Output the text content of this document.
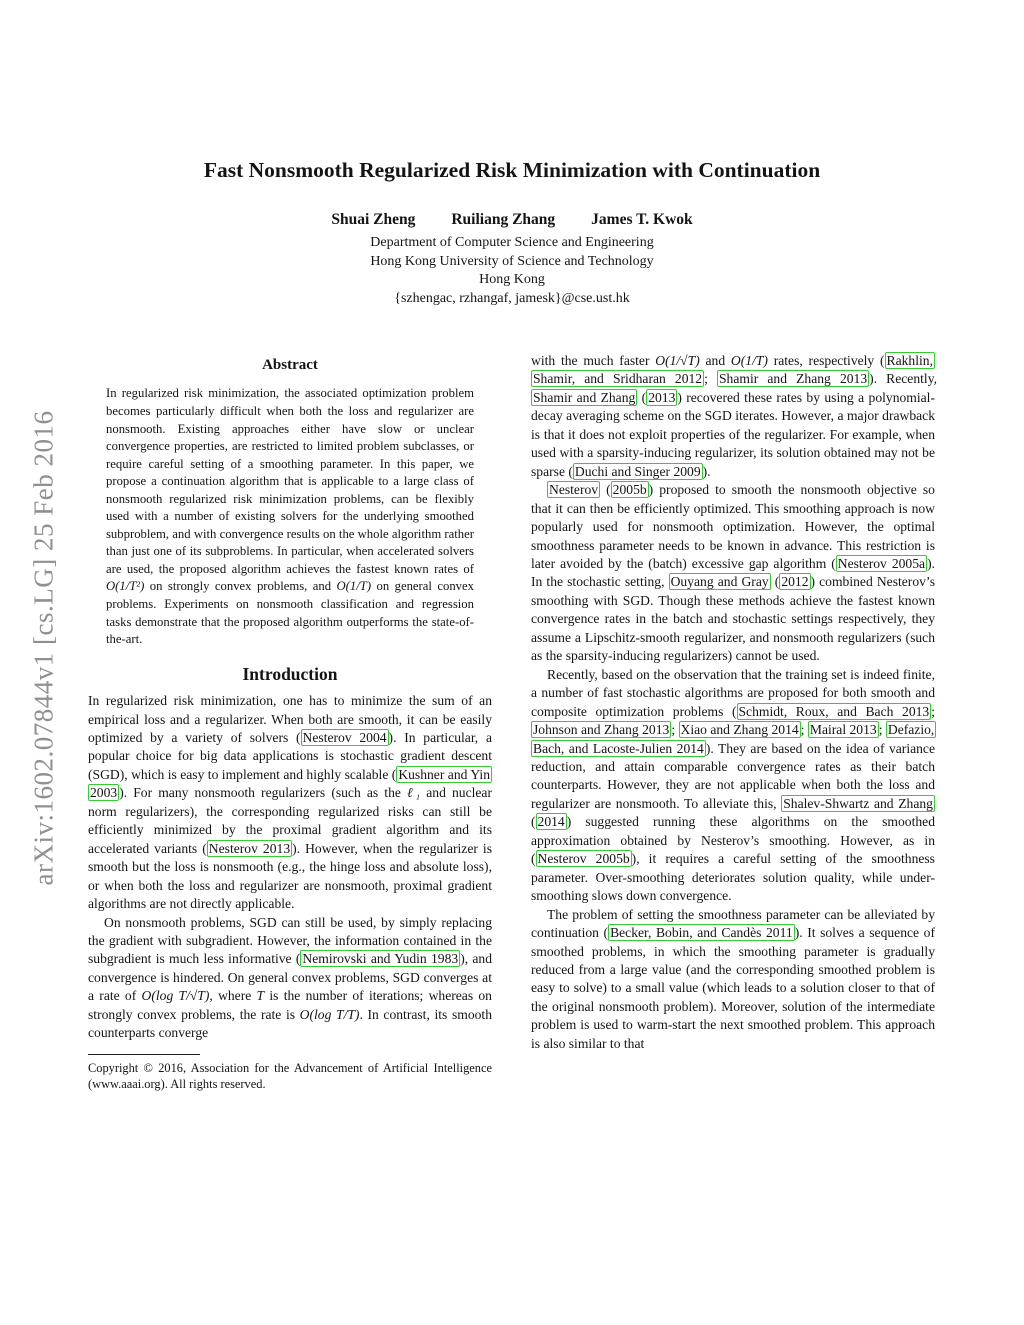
arXiv:1602.07844v1 [cs.LG] 25 Feb 2016
Fast Nonsmooth Regularized Risk Minimization with Continuation
Shuai Zheng Ruiliang Zhang James T. Kwok
Department of Computer Science and Engineering
Hong Kong University of Science and Technology
Hong Kong
{szhengac, rzhangaf, jamesk}@cse.ust.hk
Abstract

In regularized risk minimization, the associated optimization problem becomes particularly difficult when both the loss and regularizer are nonsmooth. Existing approaches either have slow or unclear convergence properties, are restricted to limited problem subclasses, or require careful setting of a smoothing parameter. In this paper, we propose a continuation algorithm that is applicable to a large class of nonsmooth regularized risk minimization problems, can be flexibly used with a number of existing solvers for the underlying smoothed subproblem, and with convergence results on the whole algorithm rather than just one of its subproblems. In particular, when accelerated solvers are used, the proposed algorithm achieves the fastest known rates of O(1/T²) on strongly convex problems, and O(1/T) on general convex problems. Experiments on nonsmooth classification and regression tasks demonstrate that the proposed algorithm outperforms the state-of-the-art.

Introduction

In regularized risk minimization, one has to minimize the sum of an empirical loss and a regularizer. When both are smooth, it can be easily optimized by a variety of solvers ( Nesterov 2004 ). In particular, a popular choice for big data applications is stochastic gradient descent (SGD), which is easy to implement and highly scalable ( Kushner and Yin 2003 ). For many nonsmooth regularizers (such as the ℓ₁ and nuclear norm regularizers), the corresponding regularized risks can still be efficiently minimized by the proximal gradient algorithm and its accelerated variants ( Nesterov 2013 ). However, when the regularizer is smooth but the loss is nonsmooth (e.g., the hinge loss and absolute loss), or when both the loss and regularizer are nonsmooth, proximal gradient algorithms are not directly applicable.

On nonsmooth problems, SGD can still be used, by simply replacing the gradient with subgradient. However, the information contained in the subgradient is much less informative ( Nemirovski and Yudin 1983 ), and convergence is hindered. On general convex problems, SGD converges at a rate of O(log T/√T), where T is the number of iterations; whereas on strongly convex problems, the rate is O(log T/T). In contrast, its smooth counterparts converge

Copyright © 2016, Association for the Advancement of Artificial Intelligence (www.aaai.org). All rights reserved.

with the much faster O(1/√T) and O(1/T) rates, respectively ( Rakhlin, Shamir, and Sridharan 2012 ; Shamir and Zhang 2013 ). Recently, Shamir and Zhang ( 2013 ) recovered these rates by using a polynomial-decay averaging scheme on the SGD iterates. However, a major drawback is that it does not exploit properties of the regularizer. For example, when used with a sparsity-inducing regularizer, its solution obtained may not be sparse ( Duchi and Singer 2009 ).

Nesterov ( 2005b ) proposed to smooth the nonsmooth objective so that it can then be efficiently optimized. This smoothing approach is now popularly used for nonsmooth optimization. However, the optimal smoothness parameter needs to be known in advance. This restriction is later avoided by the (batch) excessive gap algorithm ( Nesterov 2005a ). In the stochastic setting, Ouyang and Gray ( 2012 ) combined Nesterov’s smoothing with SGD. Though these methods achieve the fastest known convergence rates in the batch and stochastic settings respectively, they assume a Lipschitz-smooth regularizer, and nonsmooth regularizers (such as the sparsity-inducing regularizers) cannot be used.

Recently, based on the observation that the training set is indeed finite, a number of fast stochastic algorithms are proposed for both smooth and composite optimization problems ( Schmidt, Roux, and Bach 2013 ; Johnson and Zhang 2013 ; Xiao and Zhang 2014 ; Mairal 2013 ; Defazio, Bach, and Lacoste-Julien 2014 ). They are based on the idea of variance reduction, and attain comparable convergence rates as their batch counterparts. However, they are not applicable when both the loss and regularizer are nonsmooth. To alleviate this, Shalev-Shwartz and Zhang ( 2014 ) suggested running these algorithms on the smoothed approximation obtained by Nesterov’s smoothing. However, as in ( Nesterov 2005b ), it requires a careful setting of the smoothness parameter. Over-smoothing deteriorates solution quality, while under-smoothing slows down convergence.

The problem of setting the smoothness parameter can be alleviated by continuation ( Becker, Bobin, and Candès 2011 ). It solves a sequence of smoothed problems, in which the smoothing parameter is gradually reduced from a large value (and the corresponding smoothed problem is easy to solve) to a small value (which leads to a solution closer to that of the original nonsmooth problem). Moreover, solution of the intermediate problem is used to warm-start the next smoothed problem. This approach is also similar to that
